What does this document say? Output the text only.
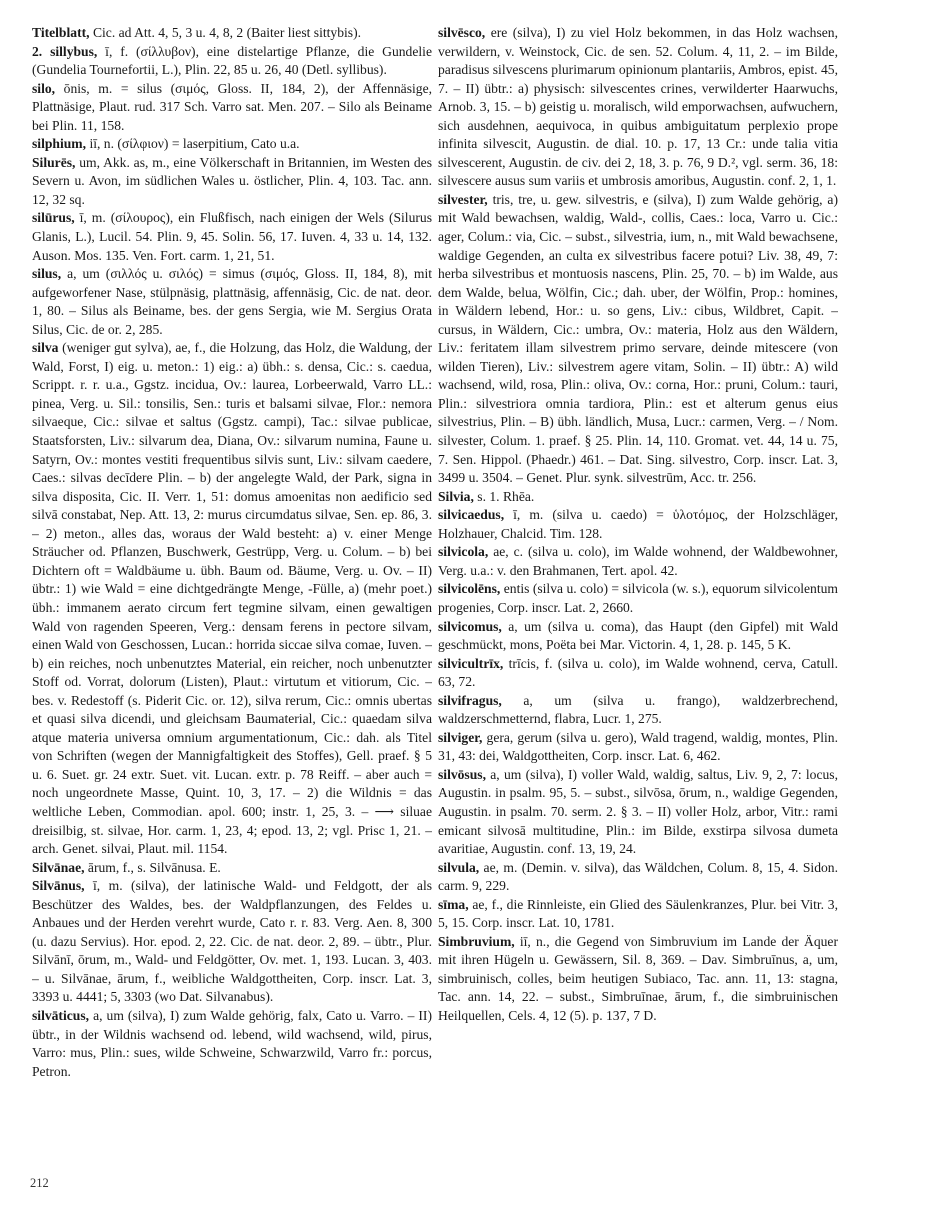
Titelblatt, Cic. ad Att. 4, 5, 3 u. 4, 8, 2 (Baiter liest sittybis).

2. sillybus, ī, f. (σίλλυβον), eine distelartige Pflanze, die Gundelie (Gundelia Tournefortii, L.), Plin. 22, 85 u. 26, 40 (Detl. syllibus).

silo, ōnis, m. = silus (σιμός, Gloss. II, 184, 2), der Affennäsige, Plattnäsige, Plaut. rud. 317 Sch. Varro sat. Men. 207. – Silo als Beiname bei Plin. 11, 158.

silphium, iī, n. (σίλφιον) = laserpitium, Cato u.a.

Silurēs, um, Akk. as, m., eine Völkerschaft in Britannien, im Westen des Severn u. Avon, im südlichen Wales u. östlicher, Plin. 4, 103. Tac. ann. 12, 32 sq.

silūrus, ī, m. (σίλουρος), ein Flußfisch, nach einigen der Wels (Silurus Glanis, L.), Lucil. 54. Plin. 9, 45. Solin. 56, 17. Iuven. 4, 33 u. 14, 132. Auson. Mos. 135. Ven. Fort. carm. 1, 21, 51.

silus, a, um (σιλλός u. σιλός) = simus (σιμός, Gloss. II, 184, 8), mit aufgeworfener Nase, stülpnäsig, plattnäsig, affennäsig, Cic. de nat. deor. 1, 80. – Silus als Beiname, bes. der gens Sergia, wie M. Sergius Orata Silus, Cic. de or. 2, 285.

silva (weniger gut sylva), ae, f., die Holzung, das Holz, die Waldung, der Wald, Forst, I) eig. u. meton.: 1) eig.: a) übh.: s. densa, Cic.: s. caedua, Scrippt. r. r. u.a., Ggstz. incidua, Ov.: laurea, Lorbeerwald, Varro LL.: pinea, Verg. u. Sil.: tonsilis, Sen.: turis et balsami silvae, Flor.: nemora silvaeque, Cic.: silvae et saltus (Ggstz. campi), Tac.: silvae publicae, Staatsforsten, Liv.: silvarum dea, Diana, Ov.: silvarum numina, Faune u. Satyrn, Ov.: montes vestiti frequentibus silvis sunt, Liv.: silvam caedere, Caes.: silvas decīdere Plin. – b) der angelegte Wald, der Park, signa in silva disposita, Cic. II. Verr. 1, 51: domus amoenitas non aedificio sed silvā constabat, Nep. Att. 13, 2: murus circumdatus silvae, Sen. ep. 86, 3. – 2) meton., alles das, woraus der Wald besteht: a) v. einer Menge Sträucher od. Pflanzen, Buschwerk, Gestrüpp, Verg. u. Colum. – b) bei Dichtern oft = Waldbäume u. übh. Baum od. Bäume, Verg. u. Ov. – II) übtr.: 1) wie Wald = eine dichtgedrängte Menge, -Fülle, a) (mehr poet.) übh.: immanem aerato circum fert tegmine silvam, einen gewaltigen Wald von ragenden Speeren, Verg.: densam ferens in pectore silvam, einen Wald von Geschossen, Lucan.: horrida siccae silva comae, Iuven. – b) ein reiches, noch unbenutztes Material, ein reicher, noch unbenutzter Stoff od. Vorrat, dolorum (Listen), Plaut.: virtutum et vitiorum, Cic. – bes. v. Redestoff (s. Piderit Cic. or. 12), silva rerum, Cic.: omnis ubertas et quasi silva dicendi, und gleichsam Baumaterial, Cic.: quaedam silva atque materia universa omnium argumentationum, Cic.: dah. als Titel von Schriften (wegen der Mannigfaltigkeit des Stoffes), Gell. praef. § 5 u. 6. Suet. gr. 24 extr. Suet. vit. Lucan. extr. p. 78 Reiff. – aber auch = noch ungeordnete Masse, Quint. 10, 3, 17. – 2) die Wildnis = das weltliche Leben, Commodian. apol. 600; instr. 1, 25, 3. – ⟶ siluae dreisilbig, st. silvae, Hor. carm. 1, 23, 4; epod. 13, 2; vgl. Prisc 1, 21. – arch. Genet. silvai, Plaut. mil. 1154.

Silvānae, ārum, f., s. Silvānusa. E.

Silvānus, ī, m. (silva), der latinische Wald- und Feldgott, der als Beschützer des Waldes, bes. der Waldpflanzungen, des Feldes u. Anbaues und der Herden verehrt wurde, Cato r. r. 83. Verg. Aen. 8, 300 (u. dazu Servius). Hor. epod. 2, 22. Cic. de nat. deor. 2, 89. – übtr., Plur. Silvānī, ōrum, m., Wald- und Feldgötter, Ov. met. 1, 193. Lucan. 3, 403. – u. Silvānae, ārum, f., weibliche Waldgottheiten, Corp. inscr. Lat. 3, 3393 u. 4441; 5, 3303 (wo Dat. Silvanabus).

silvāticus, a, um (silva), I) zum Walde gehörig, falx, Cato u. Varro. – II) übtr., in der Wildnis wachsend od. lebend, wild wachsend, wild, pirus, Varro: mus, Plin.: sues, wilde Schweine, Schwarzwild, Varro fr.: porcus, Petron.

silvēsco, ere (silva), I) zu viel Holz bekommen, in das Holz wachsen, verwildern, v. Weinstock, Cic. de sen. 52. Colum. 4, 11, 2. – im Bilde, paradisus silvescens plurimarum opinionum plantariis, Ambros, epist. 45, 7. – II) übtr.: a) physisch: silvescentes crines, verwilderter Haarwuchs, Arnob. 3, 15. – b) geistig u. moralisch, wild emporwachsen, aufwuchern, sich ausdehnen, aequivoca, in quibus ambiguitatum perplexio prope infinita silvescit, Augustin. de dial. 10. p. 17, 13 Cr.: unde talia vitia silvescerent, Augustin. de civ. dei 2, 18, 3. p. 76, 9 D.², vgl. serm. 36, 18: silvescere ausus sum variis et umbrosis amoribus, Augustin. conf. 2, 1, 1.

silvester, tris, tre, u. gew. silvestris, e (silva), I) zum Walde gehörig, a) mit Wald bewachsen, waldig, Wald-, collis, Caes.: loca, Varro u. Cic.: ager, Colum.: via, Cic. – subst., silvestria, ium, n., mit Wald bewachsene, waldige Gegenden, an culta ex silvestribus facere potui? Liv. 38, 49, 7: herba silvestribus et montuosis nascens, Plin. 25, 70. – b) im Walde, aus dem Walde, belua, Wölfin, Cic.; dah. uber, der Wölfin, Prop.: homines, in Wäldern lebend, Hor.: u. so gens, Liv.: cibus, Wildbret, Capit. – cursus, in Wäldern, Cic.: umbra, Ov.: materia, Holz aus den Wäldern, Liv.: feritatem illam silvestrem primo servare, deinde mitescere (von wilden Tieren), Liv.: silvestrem agere vitam, Solin. – II) übtr.: A) wild wachsend, wild, rosa, Plin.: oliva, Ov.: corna, Hor.: pruni, Colum.: tauri, Plin.: silvestriora omnia tardiora, Plin.: est et alterum genus eius silvestrius, Plin. – B) übh. ländlich, Musa, Lucr.: carmen, Verg. – / Nom. silvester, Colum. 1. praef. § 25. Plin. 14, 110. Gromat. vet. 44, 14 u. 75, 7. Sen. Hippol. (Phaedr.) 461. – Dat. Sing. silvestro, Corp. inscr. Lat. 3, 3499 u. 3504. – Genet. Plur. synk. silvestrūm, Acc. tr. 256.

Silvia, s. 1. Rhēa.

silvicaedus, ī, m. (silva u. caedo) = ὑλοτόμος, der Holzschläger, Holzhauer, Chalcid. Tim. 128.

silvicola, ae, c. (silva u. colo), im Walde wohnend, der Waldbewohner, Verg. u.a.: v. den Brahmanen, Tert. apol. 42.

silvicolēns, entis (silva u. colo) = silvicola (w. s.), equorum silvicolentum progenies, Corp. inscr. Lat. 2, 2660.

silvicomus, a, um (silva u. coma), das Haupt (den Gipfel) mit Wald geschmückt, mons, Poëta bei Mar. Victorin. 4, 1, 28. p. 145, 5 K.

silvicultrīx, trīcis, f. (silva u. colo), im Walde wohnend, cerva, Catull. 63, 72.

silvifragus, a, um (silva u. frango), waldzerbrechend, waldzerschmetternd, flabra, Lucr. 1, 275.

silviger, gera, gerum (silva u. gero), Wald tragend, waldig, montes, Plin. 31, 43: dei, Waldgottheiten, Corp. inscr. Lat. 6, 462.

silvōsus, a, um (silva), I) voller Wald, waldig, saltus, Liv. 9, 2, 7: locus, Augustin. in psalm. 95, 5. – subst., silvōsa, ōrum, n., waldige Gegenden, Augustin. in psalm. 70. serm. 2. § 3. – II) voller Holz, arbor, Vitr.: rami emicant silvosā multitudine, Plin.: im Bilde, exstirpa silvosa dumeta avaritiae, Augustin. conf. 13, 19, 24.

silvula, ae, m. (Demin. v. silva), das Wäldchen, Colum. 8, 15, 4. Sidon. carm. 9, 229.

sīma, ae, f., die Rinnleiste, ein Glied des Säulenkranzes, Plur. bei Vitr. 3, 5, 15. Corp. inscr. Lat. 10, 1781.

Simbruvium, iī, n., die Gegend von Simbruvium im Lande der Äquer mit ihren Hügeln u. Gewässern, Sil. 8, 369. – Dav. Simbruīnus, a, um, simbruinisch, colles, beim heutigen Subiaco, Tac. ann. 11, 13: stagna, Tac. ann. 14, 22. – subst., Simbruīnae, ārum, f., die simbruinischen Heilquellen, Cels. 4, 12 (5). p. 137, 7 D.

212
